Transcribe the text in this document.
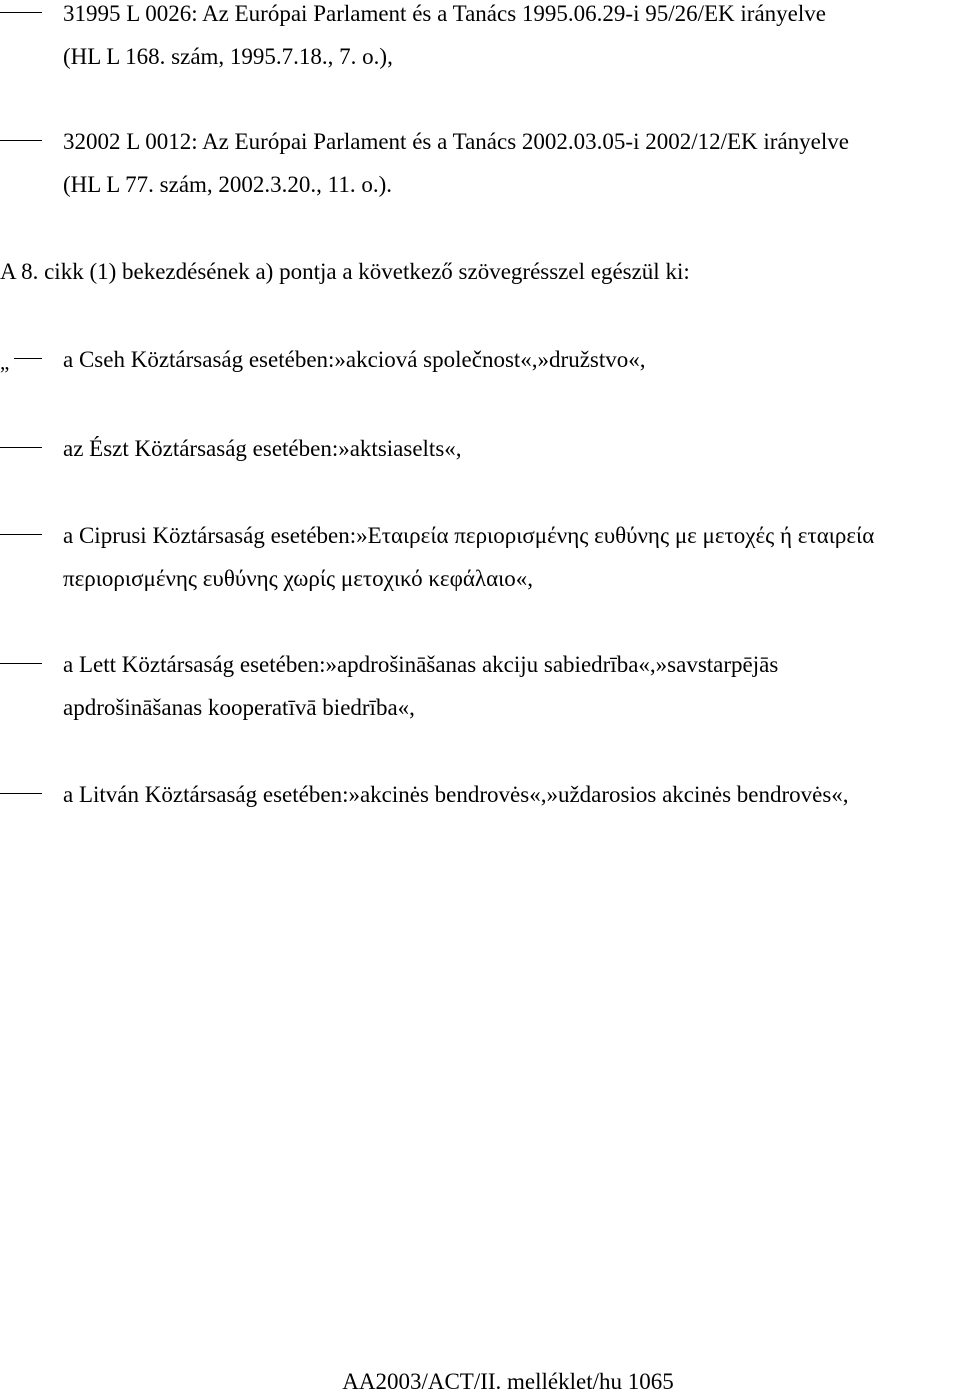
31995 L 0026: Az Európai Parlament és a Tanács 1995.06.29-i 95/26/EK irányelve
(HL L 168. szám, 1995.7.18., 7. o.),
32002 L 0012: Az Európai Parlament és a Tanács 2002.03.05-i 2002/12/EK irányelve
(HL L 77. szám, 2002.3.20., 11. o.).
A 8. cikk (1) bekezdésének a) pontja a következő szövegrésszel egészül ki:
„ a Cseh Köztársaság esetében:»akciová společnost«,»družstvo«,
az Észt Köztársaság esetében:»aktsiaselts«,
a Ciprusi Köztársaság esetében:»Εταιρεία περιορισμένης ευθύνης με μετοχές ή εταιρεία
περιορισμένης ευθύνης χωρίς μετοχικό κεφάλαιο«,
a Lett Köztársaság esetében:»apdrošināšanas akciju sabiedrība«,»savstarpējās
apdrošināšanas kooperatīvā biedrība«,
a Litván Köztársaság esetében:»akcinės bendrovės«,»uždarosios akcinės bendrovės«,
AA2003/ACT/II. melléklet/hu 1065
